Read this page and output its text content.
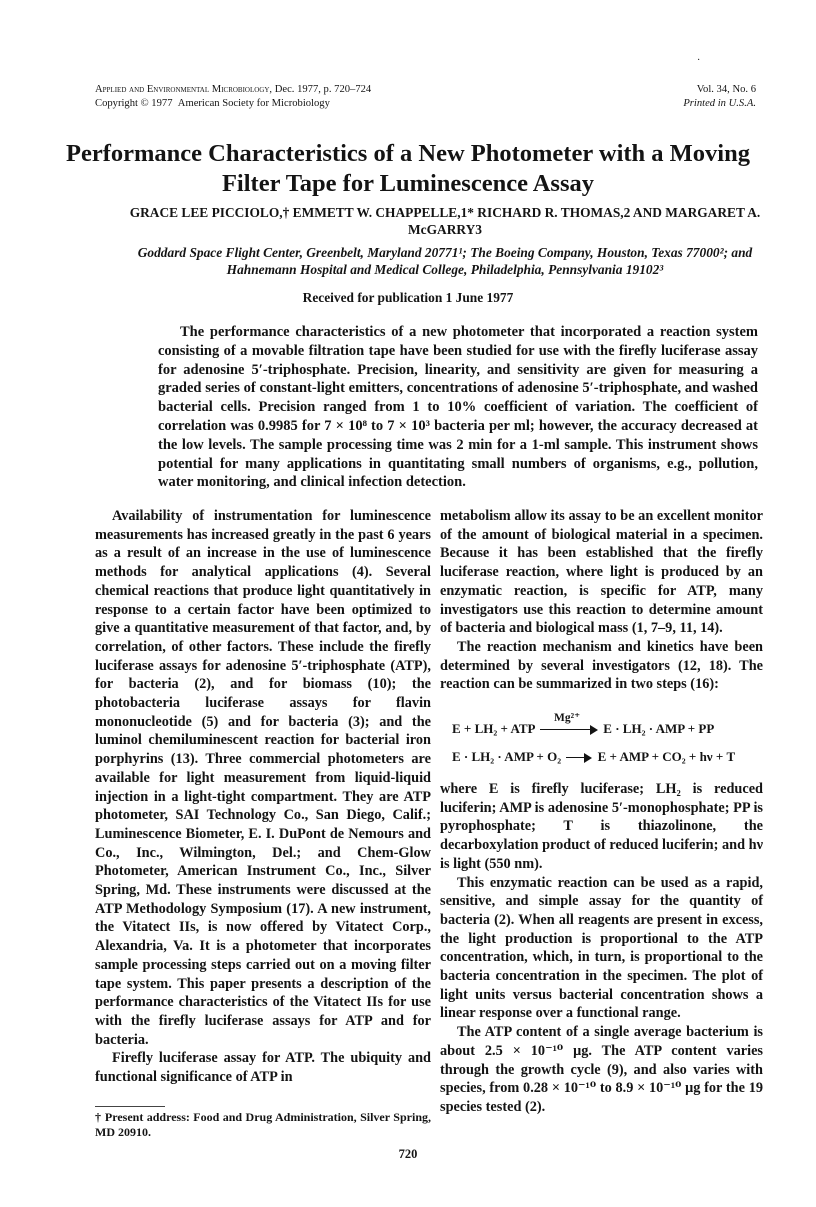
·
Applied and Environmental Microbiology, Dec. 1977, p. 720–724
Copyright © 1977 American Society for Microbiology
Vol. 34, No. 6
Printed in U.S.A.
Performance Characteristics of a New Photometer with a Moving Filter Tape for Luminescence Assay
GRACE LEE PICCIOLO,† EMMETT W. CHAPPELLE,1* RICHARD R. THOMAS,2 AND MARGARET A. McGARRY3
Goddard Space Flight Center, Greenbelt, Maryland 20771¹; The Boeing Company, Houston, Texas 77000²; and Hahnemann Hospital and Medical College, Philadelphia, Pennsylvania 19102³
Received for publication 1 June 1977
The performance characteristics of a new photometer that incorporated a reaction system consisting of a movable filtration tape have been studied for use with the firefly luciferase assay for adenosine 5′-triphosphate. Precision, linearity, and sensitivity are given for measuring a graded series of constant-light emitters, concentrations of adenosine 5′-triphosphate, and washed bacterial cells. Precision ranged from 1 to 10% coefficient of variation. The coefficient of correlation was 0.9985 for 7 × 10⁸ to 7 × 10³ bacteria per ml; however, the accuracy decreased at the low levels. The sample processing time was 2 min for a 1-ml sample. This instrument shows potential for many applications in quantitating small numbers of organisms, e.g., pollution, water monitoring, and clinical infection detection.

Availability of instrumentation for luminescence measurements has increased greatly in the past 6 years as a result of an increase in the use of luminescence methods for analytical applications (4). Several chemical reactions that produce light quantitatively in response to a certain factor have been optimized to give a quantitative measurement of that factor, and, by correlation, of other factors. These include the firefly luciferase assays for adenosine 5′-triphosphate (ATP), for bacteria (2), and for biomass (10); the photobacteria luciferase assays for flavin mononucleotide (5) and for bacteria (3); and the luminol chemiluminescent reaction for bacterial iron porphyrins (13). Three commercial photometers are available for light measurement from liquid-liquid injection in a light-tight compartment. They are ATP photometer, SAI Technology Co., San Diego, Calif.; Luminescence Biometer, E. I. DuPont de Nemours and Co., Inc., Wilmington, Del.; and Chem-Glow Photometer, American Instrument Co., Inc., Silver Spring, Md. These instruments were discussed at the ATP Methodology Symposium (17). A new instrument, the Vitatect IIs, is now offered by Vitatect Corp., Alexandria, Va. It is a photometer that incorporates sample processing steps carried out on a moving filter tape system. This paper presents a description of the performance characteristics of the Vitatect IIs for use with the firefly luciferase assays for ATP and for bacteria.

Firefly luciferase assay for ATP. The ubiquity and functional significance of ATP in

† Present address: Food and Drug Administration, Silver Spring, MD 20910.

metabolism allow its assay to be an excellent monitor of the amount of biological material in a specimen. Because it has been established that the firefly luciferase reaction, where light is produced by an enzymatic reaction, is specific for ATP, many investigators use this reaction to determine amount of bacteria and biological mass (1, 7–9, 11, 14).

The reaction mechanism and kinetics have been determined by several investigators (12, 18). The reaction can be summarized in two steps (16):

E + LH₂ + ATP
Mg²⁺
E · LH₂ · AMP + PP
E · LH₂ · AMP + O₂	E + AMP + CO₂ + hν + T

where E is firefly luciferase; LH₂ is reduced luciferin; AMP is adenosine 5′-monophosphate; PP is pyrophosphate; T is thiazolinone, the decarboxylation product of reduced luciferin; and hν is light (550 nm).

This enzymatic reaction can be used as a rapid, sensitive, and simple assay for the quantity of bacteria (2). When all reagents are present in excess, the light production is proportional to the ATP concentration, which, in turn, is proportional to the bacteria concentration in the specimen. The plot of light units versus bacterial concentration shows a linear response over a functional range.

The ATP content of a single average bacterium is about 2.5 × 10⁻¹⁰ μg. The ATP content varies through the growth cycle (9), and also varies with species, from 0.28 × 10⁻¹⁰ to 8.9 × 10⁻¹⁰ μg for the 19 species tested (2).

720
